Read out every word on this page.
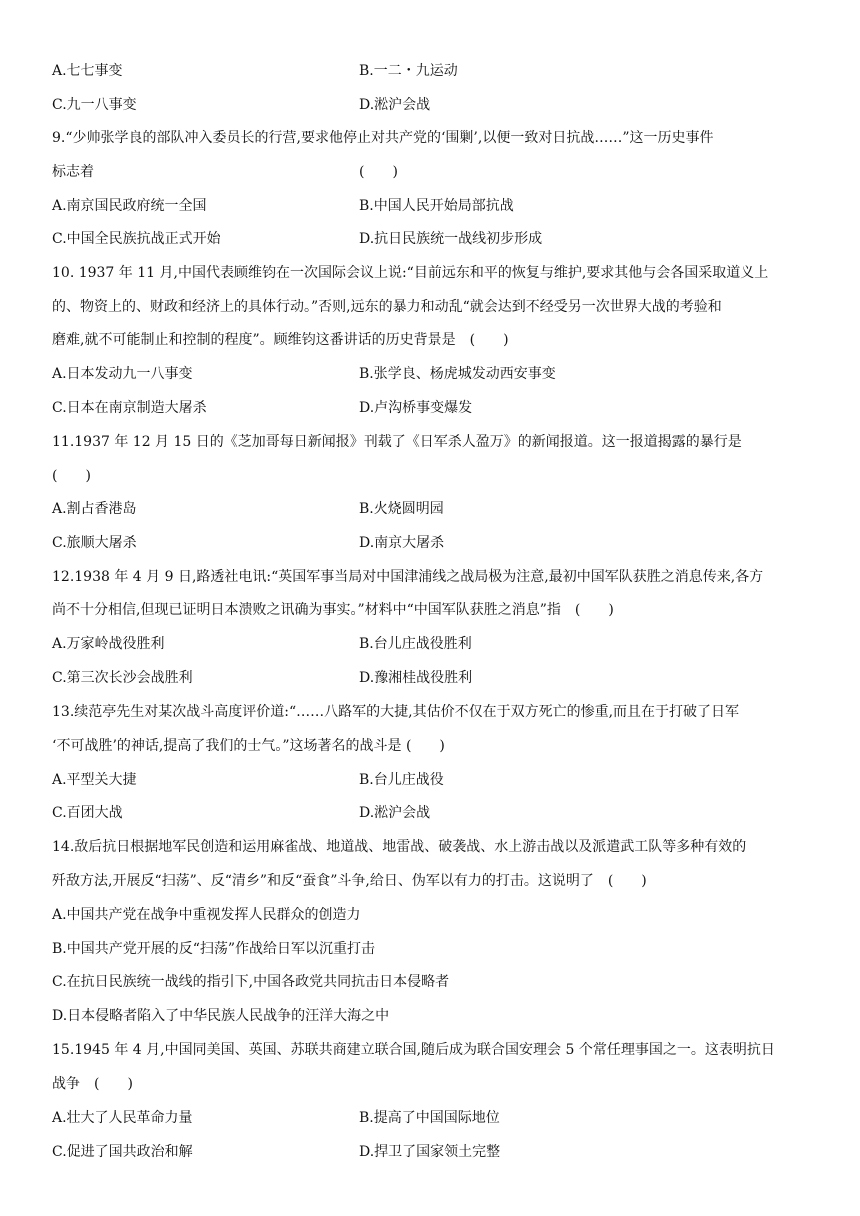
A.七七事变	B.一二・九运动
C.九一八事变	D.淞沪会战
9.“少帅张学良的部队冲入委员长的行营,要求他停止对共产党的‘围剿’,以便一致对日抗战……”这一历史事件
标志着	(　　)
A.南京国民政府统一全国	B.中国人民开始局部抗战
C.中国全民族抗战正式开始	D.抗日民族统一战线初步形成
10. 1937 年 11 月,中国代表顾维钧在一次国际会议上说:“目前远东和平的恢复与维护,要求其他与会各国采取道义上
的、物资上的、财政和经济上的具体行动。”否则,远东的暴力和动乱“就会达到不经受另一次世界大战的考验和
磨难,就不可能制止和控制的程度”。顾维钧这番讲话的历史背景是　(　　)
A.日本发动九一八事变	B.张学良、杨虎城发动西安事变
C.日本在南京制造大屠杀	D.卢沟桥事变爆发
11.1937 年 12 月 15 日的《芝加哥每日新闻报》刊载了《日军杀人盈万》的新闻报道。这一报道揭露的暴行是
(　　)
A.割占香港岛	B.火烧圆明园
C.旅顺大屠杀	D.南京大屠杀
12.1938 年 4 月 9 日,路透社电讯:“英国军事当局对中国津浦线之战局极为注意,最初中国军队获胜之消息传来,各方
尚不十分相信,但现已证明日本溃败之讯确为事实。”材料中“中国军队获胜之消息”指　(　　)
A.万家岭战役胜利	B.台儿庄战役胜利
C.第三次长沙会战胜利	D.豫湘桂战役胜利
13.续范亭先生对某次战斗高度评价道:“……八路军的大捷,其估价不仅在于双方死亡的惨重,而且在于打破了日军
‘不可战胜’的神话,提高了我们的士气。”这场著名的战斗是 (　　)
A.平型关大捷	B.台儿庄战役
C.百团大战	D.淞沪会战
14.敌后抗日根据地军民创造和运用麻雀战、地道战、地雷战、破袭战、水上游击战以及派遣武工队等多种有效的
歼敌方法,开展反“扫荡”、反“清乡”和反“蚕食”斗争,给日、伪军以有力的打击。这说明了　(　　)
A.中国共产党在战争中重视发挥人民群众的创造力
B.中国共产党开展的反“扫荡”作战给日军以沉重打击
C.在抗日民族统一战线的指引下,中国各政党共同抗击日本侵略者
D.日本侵略者陷入了中华民族人民战争的汪洋大海之中
15.1945 年 4 月,中国同美国、英国、苏联共商建立联合国,随后成为联合国安理会 5 个常任理事国之一。这表明抗日
战争　(　　)
A.壮大了人民革命力量	B.提高了中国国际地位
C.促进了国共政治和解	D.捍卫了国家领土完整
